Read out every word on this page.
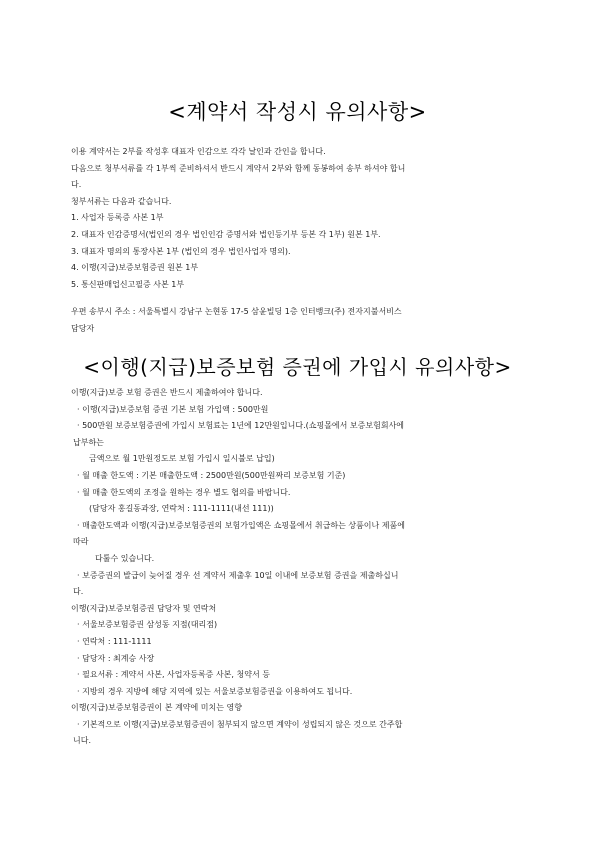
<계약서 작성시 유의사항>

이용 계약서는 2부를 작성후 대표자 인감으로 각각 날인과 간인을 합니다.

다음으로 청부서류를 각 1부씩 준비하셔서 반드시 계약서 2부와 함께 동봉하여 송부 하셔야 합니

다.

청부서류는 다음과 같습니다.

1. 사업자 등록증 사본 1부

2. 대표자 인감증명서(법인의 경우 법인인감 증명서와 법인등기부 등본 각 1부) 원본 1부.

3. 대표자 명의의 통장사본 1부 (법인의 경우 법인사업자 명의).

4. 이행(지급)보증보험증권 원본 1부

5. 통신판매업신고필증 사본 1부

우편 송부시 주소 : 서울특별시 강남구 논현동 17-5 삼윤빌딩 1층 인터뱅크(주) 전자지불서비스

담당자

<이행(지급)보증보험 증권에 가입시 유의사항>

이행(지급)보증 보험 증권은 반드시 제출하여야 합니다.

· 이행(지급)보증보험 증권 기본 보험 가입액 : 500만원

· 500만원 보증보험증권에 가입시 보험료는 1년에 12만원입니다.(쇼핑몰에서 보증보험회사에

납부하는

금액으로 월 1만원정도로 보험 가입시 일시불로 납입)

· 월 매출 한도액 : 기본 매출한도액 : 2500만원(500만원짜리 보증보험 기준)

· 월 매출 한도액의 조정을 원하는 경우 별도 협의를 바랍니다.

(담당자 홍길동과장, 연락처 : 111-1111(내선 111))

· 매출한도액과 이행(지급)보증보험증권의 보험가입액은 쇼핑몰에서 취급하는 상품이나 제품에

따라

다툴수 있습니다.

· 보증증권의 발급이 늦어질 경우 선 계약서 제출후 10일 이내에 보증보험 증권을 제출하십니

다.

이행(지급)보증보험증권 담당자 및 연락처

· 서울보증보험증권 삼성동 지점(대리점)

· 연락처 : 111-1111

· 담당자 : 최계승 사장

· 필요서류 : 계약서 사본, 사업자등록증 사본, 청약서 등

· 지방의 경우 지방에 해당 지역에 있는 서울보증보험증권을 이용하여도 됩니다.

이행(지급)보증보험증권이 본 계약에 미치는 영향

· 기본적으로 이행(지급)보증보험증권이 첨부되지 않으면 계약이 성립되지 않은 것으로 간주합

니다.
